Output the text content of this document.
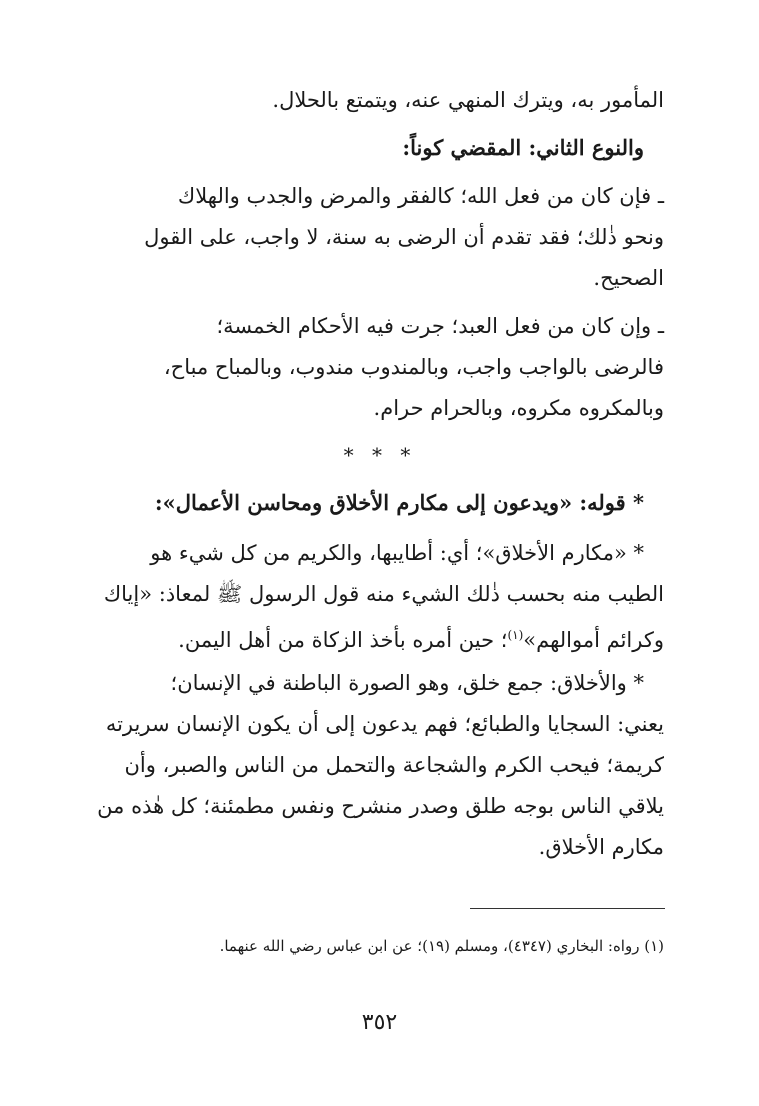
المأمور به، ويترك المنهي عنه، ويتمتع بالحلال.
والنوع الثاني: المقضي كوناً:
ـ فإن كان من فعل الله؛ كالفقر والمرض والجدب والهلاك
ونحو ذٰلك؛ فقد تقدم أن الرضى به سنة، لا واجب، على القول
الصحيح.
ـ وإن كان من فعل العبد؛ جرت فيه الأحكام الخمسة؛
فالرضى بالواجب واجب، وبالمندوب مندوب، وبالمباح مباح،
وبالمكروه مكروه، وبالحرام حرام.
* قوله: «ويدعون إلى مكارم الأخلاق ومحاسن الأعمال»:
* «مكارم الأخلاق»؛ أي: أطايبها، والكريم من كل شيء هو
الطيب منه بحسب ذٰلك الشيء منه قول الرسول ﷺ لمعاذ: «إياك
وكرائم أموالهم»$^{(١)}$؛ حين أمره بأخذ الزكاة من أهل اليمن.
* والأخلاق: جمع خلق، وهو الصورة الباطنة في الإنسان؛
يعني: السجايا والطبائع؛ فهم يدعون إلى أن يكون الإنسان سريرته
كريمة؛ فيحب الكرم والشجاعة والتحمل من الناس والصبر، وأن
يلاقي الناس بوجه طلق وصدر منشرح ونفس مطمئنة؛ كل هٰذه من
مكارم الأخلاق.
* * *
(١) رواه: البخاري (٤٣٤٧)، ومسلم (١٩)؛ عن ابن عباس رضي الله عنهما.
٣٥٢
